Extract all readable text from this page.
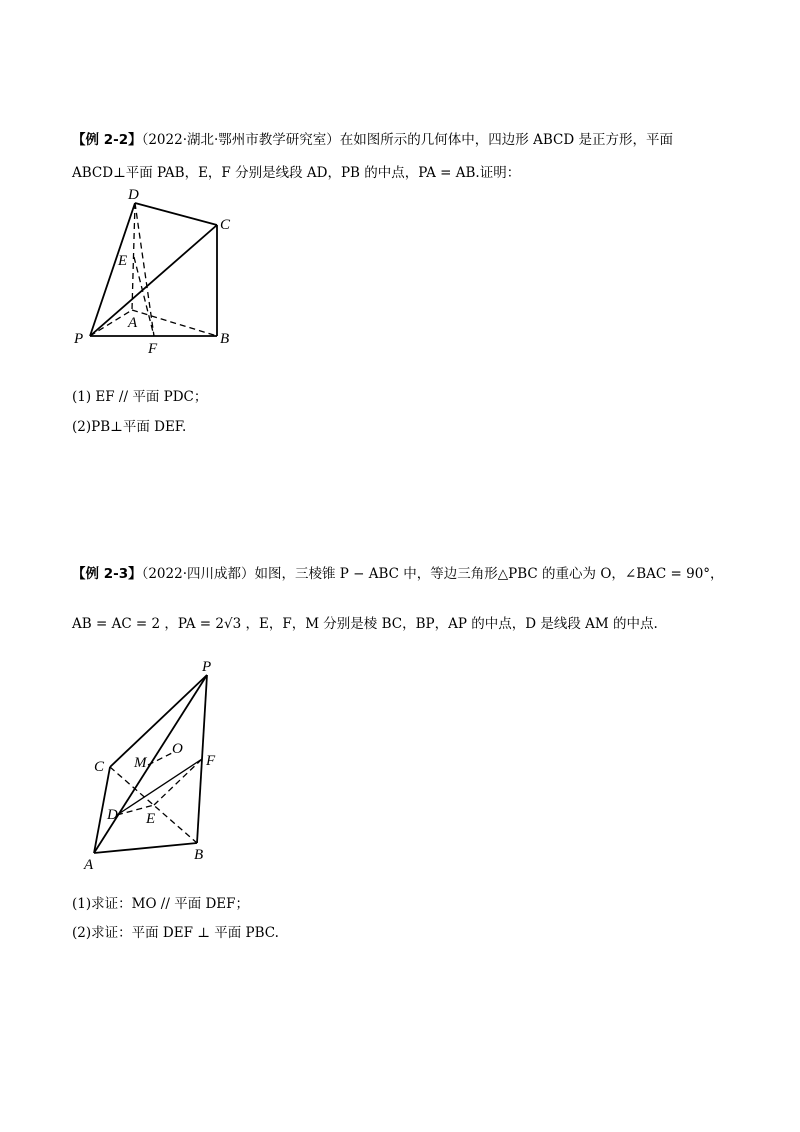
【例 2-2】（2022·湖北·鄂州市教学研究室）在如图所示的几何体中，四边形 ABCD 是正方形，平面
ABCD⊥平面 PAB，E，F 分别是线段 AD，PB 的中点，PA = AB.证明：
D
C
E
A
P
F
B
(1) EF // 平面 PDC；
(2)PB⊥平面 DEF.
【例 2-3】（2022·四川成都）如图，三棱锥 P − ABC 中，等边三角形△PBC 的重心为 O，∠BAC = 90°，
AB = AC = 2 ，PA = 2√3 ，E，F，M 分别是棱 BC，BP，AP 的中点，D 是线段 AM 的中点.
P
C M
O
F
D E
A
B
(1)求证：MO // 平面 DEF；
(2)求证：平面 DEF ⊥ 平面 PBC.
